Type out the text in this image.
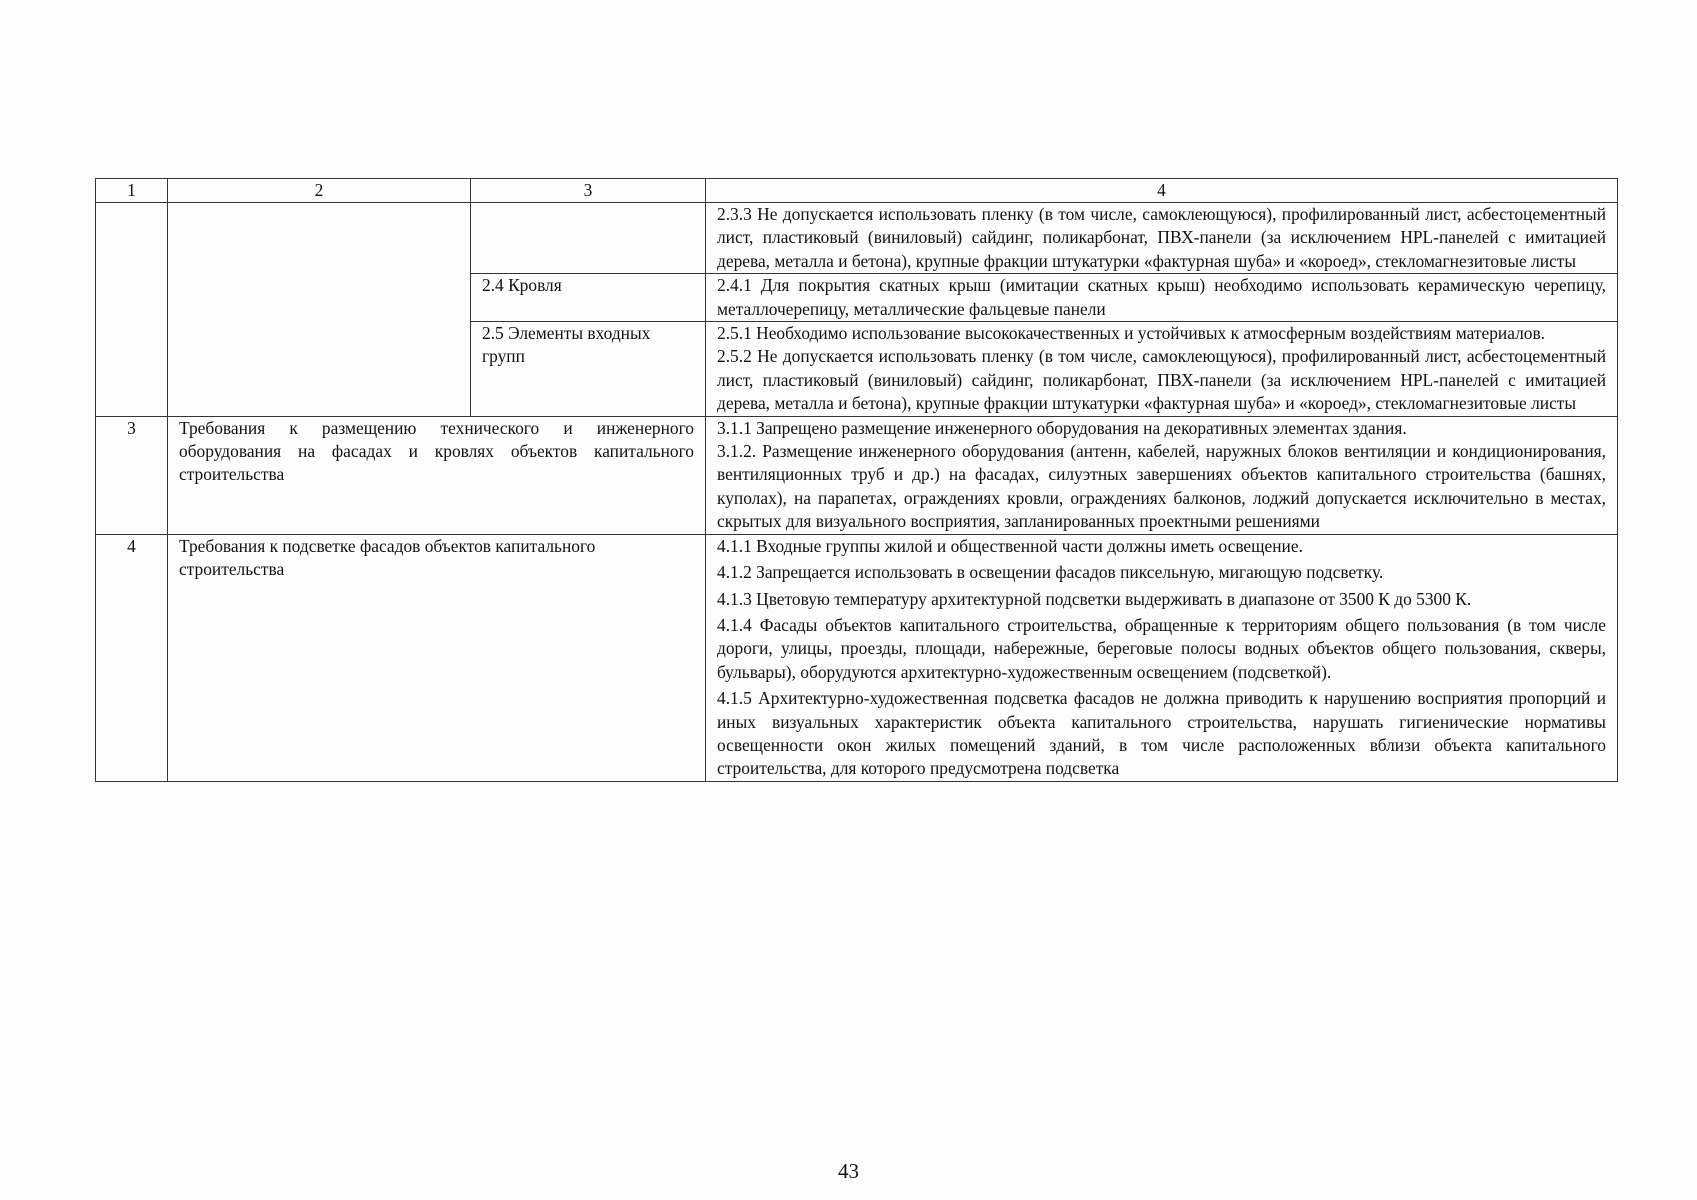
1	2	3	4
			2.3.3 Не допускается использовать пленку (в том числе, самоклеющуюся), профилированный лист, асбестоцементный лист, пластиковый (виниловый) сайдинг, поликарбонат, ПВХ-панели (за исключением HPL-панелей с имитацией дерева, металла и бетона), крупные фракции штукатурки «фактурная шуба» и «короед», стекломагнезитовые листы
		2.4 Кровля	2.4.1 Для покрытия скатных крыш (имитации скатных крыш) необходимо использовать керамическую черепицу, металлочерепицу, металлические фальцевые панели
		2.5 Элементы входных групп	2.5.1 Необходимо использование высококачественных и устойчивых к атмосферным воздействиям материалов.

2.5.2 Не допускается использовать пленку (в том числе, самоклеющуюся), профилированный лист, асбестоцементный лист, пластиковый (виниловый) сайдинг, поликарбонат, ПВХ-панели (за исключением HPL-панелей с имитацией дерева, металла и бетона), крупные фракции штукатурки «фактурная шуба» и «короед», стекломагнезитовые листы

3	Требования к размещению технического и инженерного оборудования на фасадах и кровлях объектов капитального строительства		3.1.1 Запрещено размещение инженерного оборудования на декоративных элементах здания.

3.1.2. Размещение инженерного оборудования (антенн, кабелей, наружных блоков вентиляции и кондиционирования, вентиляционных труб и др.) на фасадах, силуэтных завершениях объектов капитального строительства (башнях, куполах), на парапетах, ограждениях кровли, ограждениях балконов, лоджий допускается исключительно в местах, скрытых для визуального восприятия, запланированных проектными решениями

4	Требования к подсветке фасадов объектов капитального строительства		4.1.1 Входные группы жилой и общественной части должны иметь освещение.

4.1.2 Запрещается использовать в освещении фасадов пиксельную, мигающую подсветку.

4.1.3 Цветовую температуру архитектурной подсветки выдерживать в диапазоне от 3500 К до 5300 К.

4.1.4 Фасады объектов капитального строительства, обращенные к территориям общего пользования (в том числе дороги, улицы, проезды, площади, набережные, береговые полосы водных объектов общего пользования, скверы, бульвары), оборудуются архитектурно-художественным освещением (подсветкой).

4.1.5 Архитектурно-художественная подсветка фасадов не должна приводить к нарушению восприятия пропорций и иных визуальных характеристик объекта капитального строительства, нарушать гигиенические нормативы освещенности окон жилых помещений зданий, в том числе расположенных вблизи объекта капитального строительства, для которого предусмотрена подсветка

43
